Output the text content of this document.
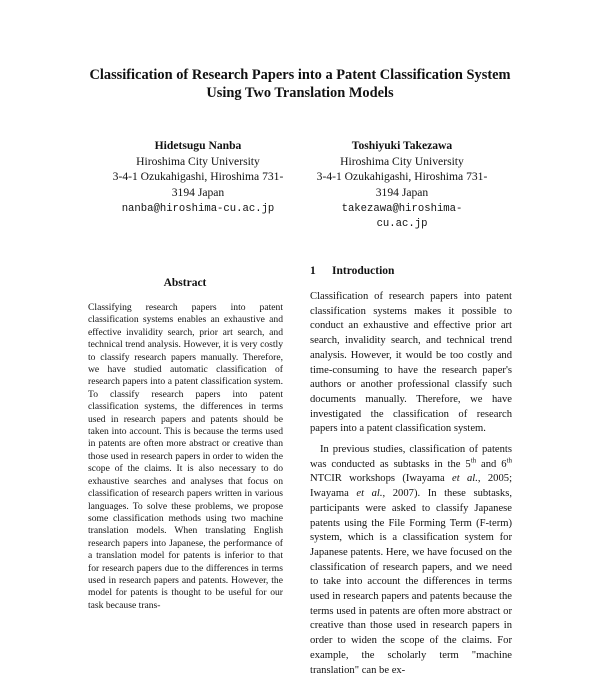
Classification of Research Papers into a Patent Classification System
Using Two Translation Models
Hidetsugu Nanba
Hiroshima City University
3-4-1 Ozukahigashi, Hiroshima 731-
3194 Japan
nanba@hiroshima-cu.ac.jp
Toshiyuki Takezawa
Hiroshima City University
3-4-1 Ozukahigashi, Hiroshima 731-
3194 Japan
takezawa@hiroshima-
cu.ac.jp
Abstract

Classifying research papers into patent classification systems enables an exhaustive and effective invalidity search, prior art search, and technical trend analysis. However, it is very costly to classify research papers manually. Therefore, we have studied automatic classification of research papers into a patent classification system. To classify research papers into patent classification systems, the differences in terms used in research papers and patents should be taken into account. This is because the terms used in patents are often more abstract or creative than those used in research papers in order to widen the scope of the claims. It is also necessary to do exhaustive searches and analyses that focus on classification of research papers written in various languages. To solve these problems, we propose some classification methods using two machine translation models. When translating English research papers into Japanese, the performance of a translation model for patents is inferior to that for research papers due to the differences in terms used in research papers and patents. However, the model for patents is thought to be useful for our task because trans-

1 Introduction

Classification of research papers into patent classification systems makes it possible to conduct an exhaustive and effective prior art search, invalidity search, and technical trend analysis. However, it would be too costly and time-consuming to have the research paper's authors or another professional classify such documents manually. Therefore, we have investigated the classification of research papers into a patent classification system.

In previous studies, classification of patents was conducted as subtasks in the 5th and 6th NTCIR workshops (Iwayama et al., 2005; Iwayama et al., 2007). In these subtasks, participants were asked to classify Japanese patents using the File Forming Term (F-term) system, which is a classification system for Japanese patents. Here, we have focused on the classification of research papers, and we need to take into account the differences in terms used in research papers and patents because the terms used in patents are often more abstract or creative than those used in research papers in order to widen the scope of the claims. For example, the scholarly term "machine translation" can be ex-
